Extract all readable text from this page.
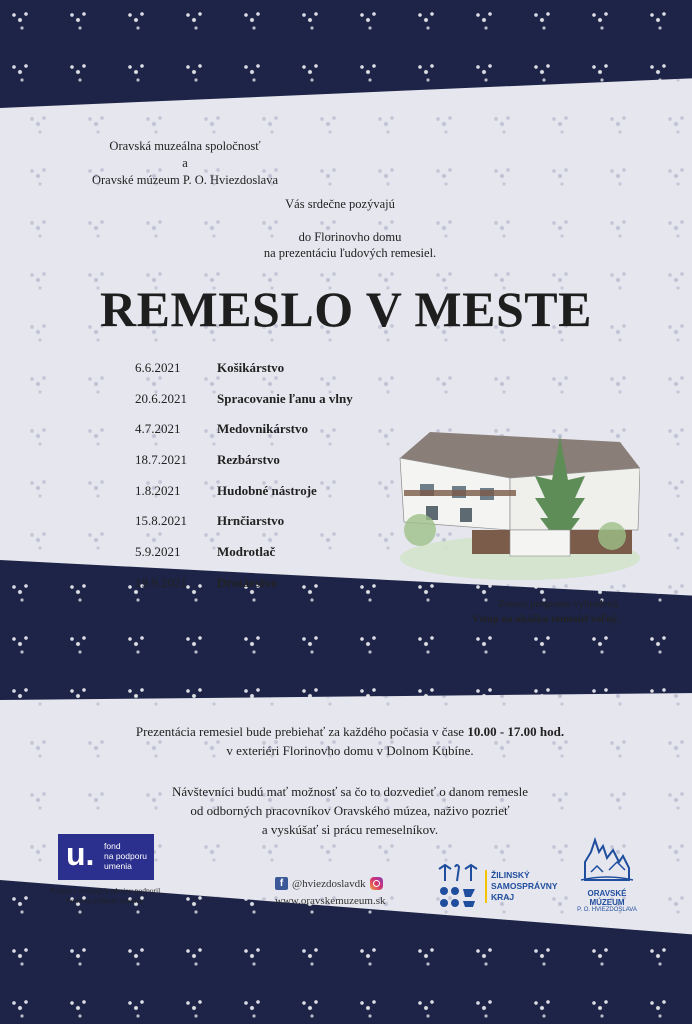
Oravská muzeálna spoločnosť
a
Oravské múzeum P. O. Hviezdoslava
Vás srdečne pozývajú
do Florinovho domu
na prezentáciu ľudových remesiel.
REMESLO V MESTE
6.6.2021	Košikárstvo
20.6.2021	Spracovanie ľanu a vlny
4.7.2021	Medovnikárstvo
18.7.2021	Rezbárstvo
1.8.2021	Hudobné nástroje
15.8.2021	Hrnčiarstvo
5.9.2021	Modrotlač
19.9.2021	Drotárstvo
Zmena programu vyhradená.
Vstup na ukážku remesiel voľný.
Prezentácia remesiel bude prebiehať za každého počasia v čase 10.00 - 17.00 hod.
v exteriéri Florinovho domu v Dolnom Kubíne.
Návštevníci budú mať možnosť sa čo to dozvedieť o danom remesle
od odborných pracovníkov Oravského múzea, naživo pozrieť
a vyskúšať si prácu remeselníkov.
u. fond
na podporu
umenia
Projekt z verejných zdrojov podporil
Fond na podporu umenia.
f @hviezdoslavdk
www.oravskemuzeum.sk
ŽILINSKÝ
SAMOSPRÁVNY
KRAJ	ORAVSKÉ
MÚZEUM
P. O. HVIEZDOSLAVA
